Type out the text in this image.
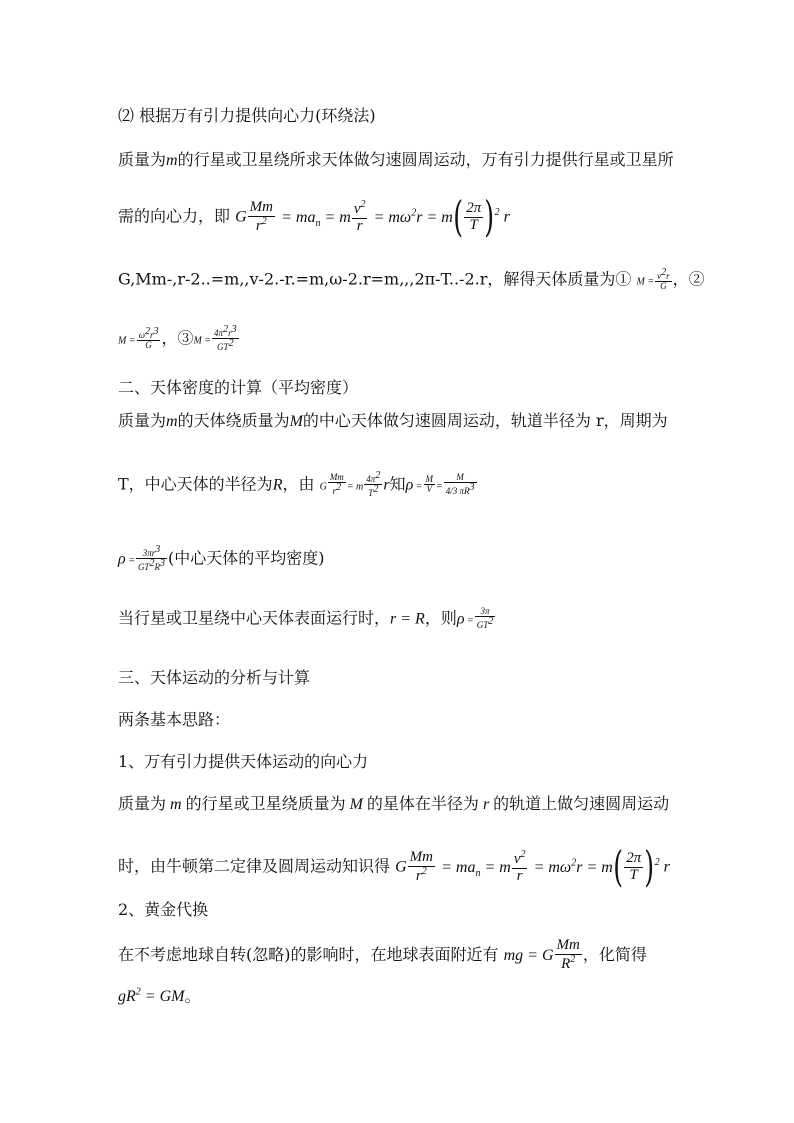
⑵ 根据万有引力提供向心力(环绕法)
质量为m的行星或卫星绕所求天体做匀速圆周运动，万有引力提供行星或卫星所
需的向心力，即 G $\frac{Mm}{r^2} = ma_n = m \frac{v^2}{r} = m\omega^2r = m( \frac{2\pi}{T} )^2$ r
G,Mm-,r-2..=m,,v-2.-r.=m,ω-2.r=m,,,2π-T..-2.r，解得天体质量为① $M = \frac{v^2r}{G}$ ，②
$M = \frac{\omega^2r^3}{G}$ ，③M = $\frac{4\pi^2r^3}{GT^2}$
二、天体密度的计算（平均密度）
质量为m的天体绕质量为M的中心天体做匀速圆周运动，轨道半径为 r，周期为
T，中心天体的半径为R，由 G $\frac{Mm}{r^2} = m \frac{4\pi^2}{T^2}$ r知$\rho = \frac{M}{V} = \frac{M}{4/3 \pi R^3}$
$\rho = \frac{3\pi r^3}{GT^2R^3}$ (中心天体的平均密度)
当行星或卫星绕中心天体表面运行时，r = R，则$\rho = \frac{3\pi}{GT^2}$
三、天体运动的分析与计算
两条基本思路：
1、万有引力提供天体运动的向心力
质量为 m 的行星或卫星绕质量为 M 的星体在半径为 r 的轨道上做匀速圆周运动
时，由牛顿第二定律及圆周运动知识得 G $\frac{Mm}{r^2} = ma_n = m \frac{v^2}{r} = m\omega^2r = m( \frac{2\pi}{T} )^2$ r
2、黄金代换
在不考虑地球自转(忽略)的影响时，在地球表面附近有 mg = G $\frac{Mm}{R^2}$ ，化简得
$gR^2$ = GM。
